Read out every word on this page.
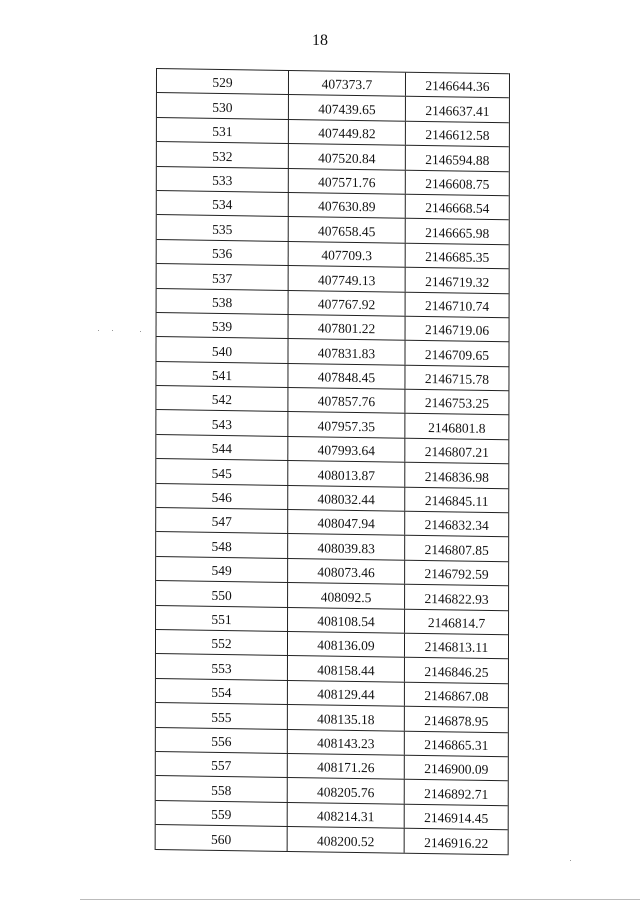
18
529	407373.7	2146644.36
530	407439.65	2146637.41
531	407449.82	2146612.58
532	407520.84	2146594.88
533	407571.76	2146608.75
534	407630.89	2146668.54
535	407658.45	2146665.98
536	407709.3	2146685.35
537	407749.13	2146719.32
538	407767.92	2146710.74
539	407801.22	2146719.06
540	407831.83	2146709.65
541	407848.45	2146715.78
542	407857.76	2146753.25
543	407957.35	2146801.8
544	407993.64	2146807.21
545	408013.87	2146836.98
546	408032.44	2146845.11
547	408047.94	2146832.34
548	408039.83	2146807.85
549	408073.46	2146792.59
550	408092.5	2146822.93
551	408108.54	2146814.7
552	408136.09	2146813.11
553	408158.44	2146846.25
554	408129.44	2146867.08
555	408135.18	2146878.95
556	408143.23	2146865.31
557	408171.26	2146900.09
558	408205.76	2146892.71
559	408214.31	2146914.45
560	408200.52	2146916.22
